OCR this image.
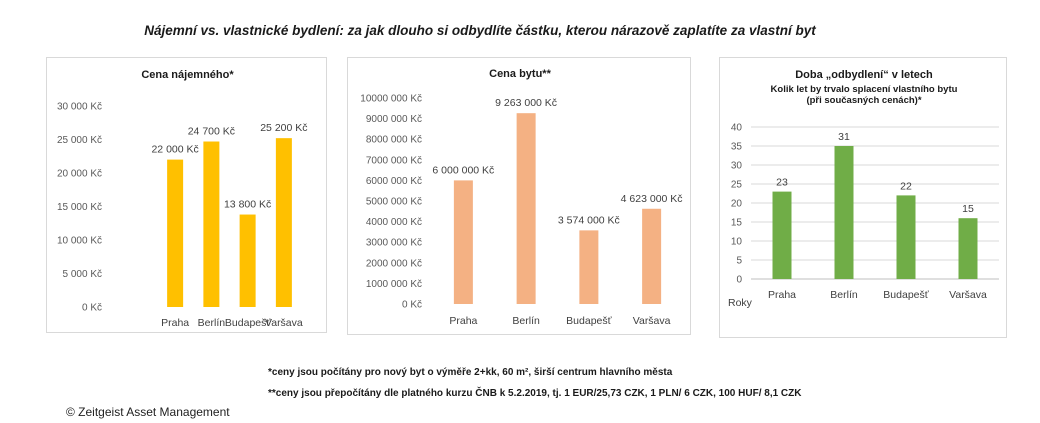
Nájemní vs. vlastnické bydlení: za jak dlouho si odbydlíte částku, kterou nárazově zaplatíte za vlastní byt
Cena nájemného*
0 Kč
5 000 Kč
10 000 Kč
15 000 Kč
20 000 Kč
25 000 Kč
30 000 Kč
22 000 Kč
Praha
24 700 Kč
Berlín
13 800 Kč
Budapešť
25 200 Kč
Varšava
Cena bytu**
0 Kč
1000 000 Kč
2000 000 Kč
3000 000 Kč
4000 000 Kč
5000 000 Kč
6000 000 Kč
7000 000 Kč
8000 000 Kč
9000 000 Kč
10000 000 Kč
6 000 000 Kč
Praha
9 263 000 Kč
Berlín
3 574 000 Kč
Budapešť
4 623 000 Kč
Varšava
Doba „odbydlení“ v letech
Kolik let by trvalo splacení vlastního bytu
(při současných cenách)*
0
5
10
15
20
25
30
35
40
23
Praha
31
Berlín
22
Budapešť
15
Varšava
Roky
*ceny jsou počítány pro nový byt o výměře 2+kk, 60 m², širší centrum hlavního města
**ceny jsou přepočítány dle platného kurzu ČNB k 5.2.2019, tj. 1 EUR/25,73 CZK, 1 PLN/ 6 CZK, 100 HUF/ 8,1 CZK
© Zeitgeist Asset Management
